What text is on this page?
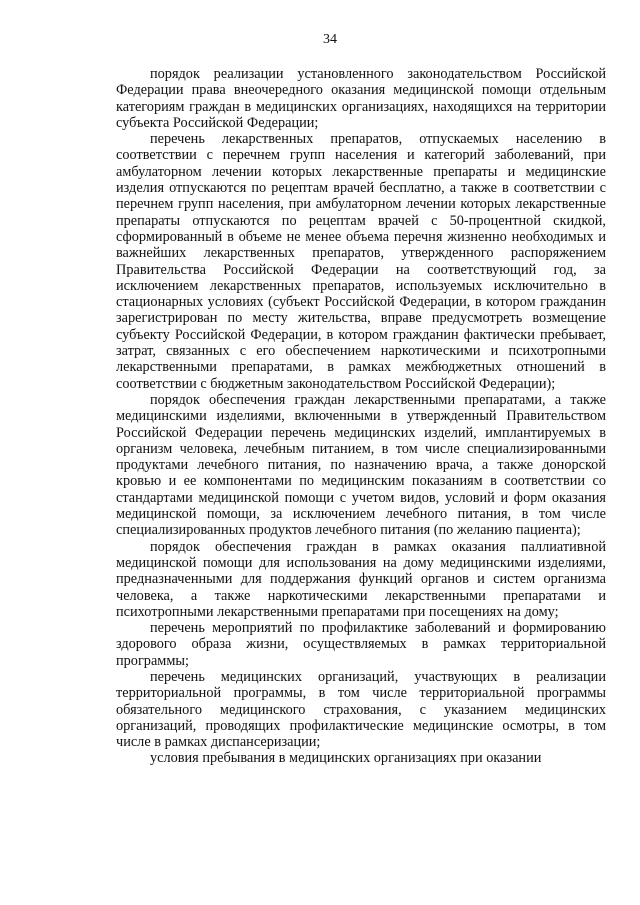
34

порядок реализации установленного законодательством Российской Федерации права внеочередного оказания медицинской помощи отдельным категориям граждан в медицинских организациях, находящихся на территории субъекта Российской Федерации;

перечень лекарственных препаратов, отпускаемых населению в соответствии с перечнем групп населения и категорий заболеваний, при амбулаторном лечении которых лекарственные препараты и медицинские изделия отпускаются по рецептам врачей бесплатно, а также в соответствии с перечнем групп населения, при амбулаторном лечении которых лекарственные препараты отпускаются по рецептам врачей с 50-процентной скидкой, сформированный в объеме не менее объема перечня жизненно необходимых и важнейших лекарственных препаратов, утвержденного распоряжением Правительства Российской Федерации на соответствующий год, за исключением лекарственных препаратов, используемых исключительно в стационарных условиях (субъект Российской Федерации, в котором гражданин зарегистрирован по месту жительства, вправе предусмотреть возмещение субъекту Российской Федерации, в котором гражданин фактически пребывает, затрат, связанных с его обеспечением наркотическими и психотропными лекарственными препаратами, в рамках межбюджетных отношений в соответствии с бюджетным законодательством Российской Федерации);

порядок обеспечения граждан лекарственными препаратами, а также медицинскими изделиями, включенными в утвержденный Правительством Российской Федерации перечень медицинских изделий, имплантируемых в организм человека, лечебным питанием, в том числе специализированными продуктами лечебного питания, по назначению врача, а также донорской кровью и ее компонентами по медицинским показаниям в соответствии со стандартами медицинской помощи с учетом видов, условий и форм оказания медицинской помощи, за исключением лечебного питания, в том числе специализированных продуктов лечебного питания (по желанию пациента);

порядок обеспечения граждан в рамках оказания паллиативной медицинской помощи для использования на дому медицинскими изделиями, предназначенными для поддержания функций органов и систем организма человека, а также наркотическими лекарственными препаратами и психотропными лекарственными препаратами при посещениях на дому;

перечень мероприятий по профилактике заболеваний и формированию здорового образа жизни, осуществляемых в рамках территориальной программы;

перечень медицинских организаций, участвующих в реализации территориальной программы, в том числе территориальной программы обязательного медицинского страхования, с указанием медицинских организаций, проводящих профилактические медицинские осмотры, в том числе в рамках диспансеризации;

условия пребывания в медицинских организациях при оказании
